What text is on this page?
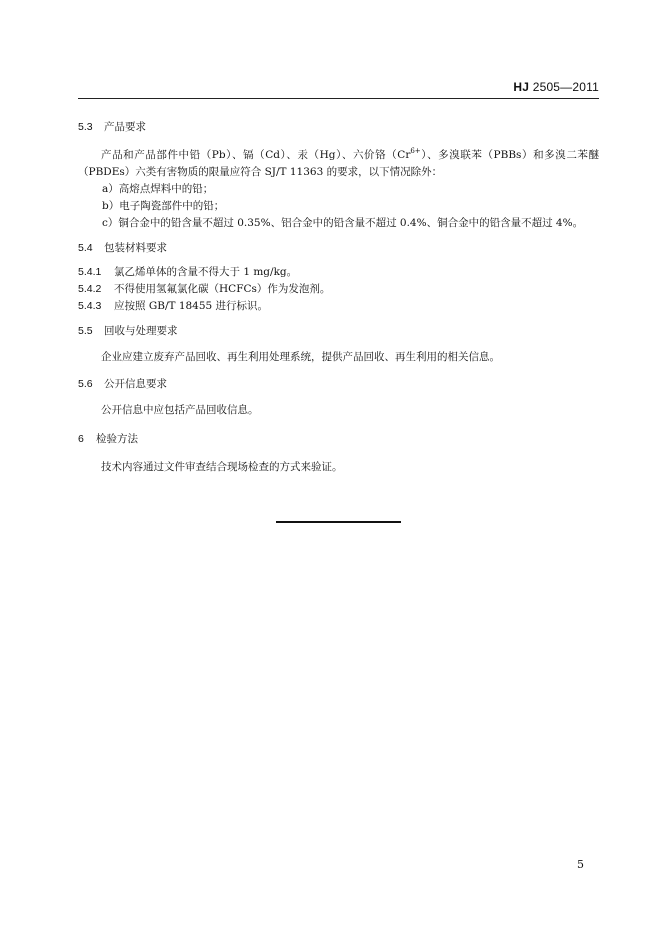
HJ 2505—2011

5.3 产品要求

产品和产品部件中铅（Pb）、镉（Cd）、汞（Hg）、六价铬$(Cr^{6+})$、多溴联苯（PBBs）和多溴二苯醚（PBDEs）六类有害物质的限量应符合 SJ/T 11363 的要求，以下情况除外：

a）高熔点焊料中的铅；

b）电子陶瓷部件中的铅；

c）铜合金中的铅含量不超过 0.35%、铝合金中的铅含量不超过 0.4%、铜合金中的铅含量不超过 4%。

5.4 包装材料要求

5.4.1 氯乙烯单体的含量不得大于 1 mg/kg。

5.4.2 不得使用氢氟氯化碳（HCFCs）作为发泡剂。

5.4.3 应按照 GB/T 18455 进行标识。

5.5 回收与处理要求

企业应建立废弃产品回收、再生利用处理系统，提供产品回收、再生利用的相关信息。

5.6 公开信息要求

公开信息中应包括产品回收信息。

6 检验方法

技术内容通过文件审查结合现场检查的方式来验证。

5
